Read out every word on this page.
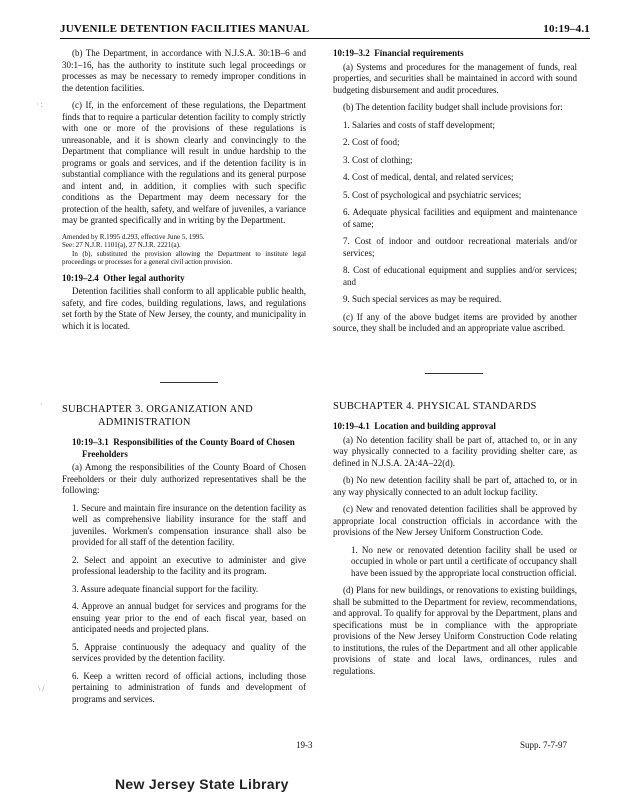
JUVENILE DETENTION FACILITIES MANUAL	10:19–4.1

(b) The Department, in accordance with N.J.S.A. 30:1B–6 and 30:1–16, has the authority to institute such legal proceedings or processes as may be necessary to remedy improper conditions in the detention facilities.

(c) If, in the enforcement of these regulations, the Department finds that to require a particular detention facility to comply strictly with one or more of the provisions of these regulations is unreasonable, and it is shown clearly and convincingly to the Department that compliance will result in undue hardship to the programs or goals and services, and if the detention facility is in substantial compliance with the regulations and its general purpose and intent and, in addition, it complies with such specific conditions as the Department may deem necessary for the protection of the health, safety, and welfare of juveniles, a variance may be granted specifically and in writing by the Department.

Amended by R.1995 d.293, effective June 5, 1995.

See: 27 N.J.R. 1101(a), 27 N.J.R. 2221(a).

In (b), substituted the provision allowing the Department to institute legal proceedings or processes for a general civil action provision.

10:19–2.4 Other legal authority

Detention facilities shall conform to all applicable public health, safety, and fire codes, building regulations, laws, and regulations set forth by the State of New Jersey, the county, and municipality in which it is located.

SUBCHAPTER 3. ORGANIZATION AND
ADMINISTRATION

10:19–3.1 Responsibilities of the County Board of Chosen Freeholders

(a) Among the responsibilities of the County Board of Chosen Freeholders or their duly authorized representatives shall be the following:

1. Secure and maintain fire insurance on the detention facility as well as comprehensive liability insurance for the staff and juveniles. Workmen's compensation insurance shall also be provided for all staff of the detention facility.

2. Select and appoint an executive to administer and give professional leadership to the facility and its program.

3. Assure adequate financial support for the facility.

4. Approve an annual budget for services and programs for the ensuing year prior to the end of each fiscal year, based on anticipated needs and projected plans.

5. Appraise continuously the adequacy and quality of the services provided by the detention facility.

6. Keep a written record of official actions, including those pertaining to administration of funds and development of programs and services.

10:19–3.2 Financial requirements

(a) Systems and procedures for the management of funds, real properties, and securities shall be maintained in accord with sound budgeting disbursement and audit procedures.

(b) The detention facility budget shall include provisions for:

1. Salaries and costs of staff development;

2. Cost of food;

3. Cost of clothing;

4. Cost of medical, dental, and related services;

5. Cost of psychological and psychiatric services;

6. Adequate physical facilities and equipment and maintenance of same;

7. Cost of indoor and outdoor recreational materials and/or services;

8. Cost of educational equipment and supplies and/or services; and

9. Such special services as may be required.

(c) If any of the above budget items are provided by another source, they shall be included and an appropriate value ascribed.

SUBCHAPTER 4. PHYSICAL STANDARDS

10:19–4.1 Location and building approval

(a) No detention facility shall be part of, attached to, or in any way physically connected to a facility providing shelter care, as defined in N.J.S.A. 2A:4A–22(d).

(b) No new detention facility shall be part of, attached to, or in any way physically connected to an adult lockup facility.

(c) New and renovated detention facilities shall be approved by appropriate local construction officials in accordance with the provisions of the New Jersey Uniform Construction Code.

1. No new or renovated detention facility shall be used or occupied in whole or part until a certificate of occupancy shall have been issued by the appropriate local construction official.

(d) Plans for new buildings, or renovations to existing buildings, shall be submitted to the Department for review, recommendations, and approval. To qualify for approval by the Department, plans and specifications must be in compliance with the appropriate provisions of the New Jersey Uniform Construction Code relating to institutions, the rules of the Department and all other applicable provisions of state and local laws, ordinances, rules and regulations.

19-3	Supp. 7-7-97
New Jersey State Library
· :
·
\ /
